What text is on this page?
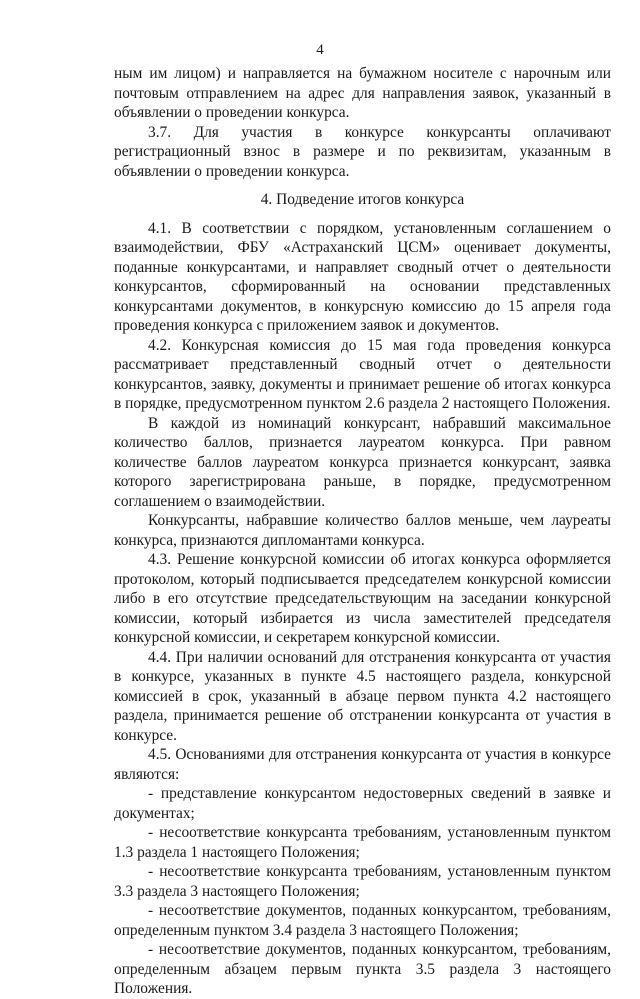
4

ным им лицом) и направляется на бумажном носителе с нарочным или почтовым отправлением на адрес для направления заявок, указанный в объявлении о проведении конкурса.

3.7. Для участия в конкурсе конкурсанты оплачивают регистрационный взнос в размере и по реквизитам, указанным в объявлении о проведении конкурса.

4. Подведение итогов конкурса

4.1. В соответствии с порядком, установленным соглашением о взаимодействии, ФБУ «Астраханский ЦСМ» оценивает документы, поданные конкурсантами, и направляет сводный отчет о деятельности конкурсантов, сформированный на основании представленных конкурсантами документов, в конкурсную комиссию до 15 апреля года проведения конкурса с приложением заявок и документов.

4.2. Конкурсная комиссия до 15 мая года проведения конкурса рассматривает представленный сводный отчет о деятельности конкурсантов, заявку, документы и принимает решение об итогах конкурса в порядке, предусмотренном пунктом 2.6 раздела 2 настоящего Положения.

В каждой из номинаций конкурсант, набравший максимальное количество баллов, признается лауреатом конкурса. При равном количестве баллов лауреатом конкурса признается конкурсант, заявка которого зарегистрирована раньше, в порядке, предусмотренном соглашением о взаимодействии.

Конкурсанты, набравшие количество баллов меньше, чем лауреаты конкурса, признаются дипломантами конкурса.

4.3. Решение конкурсной комиссии об итогах конкурса оформляется протоколом, который подписывается председателем конкурсной комиссии либо в его отсутствие председательствующим на заседании конкурсной комиссии, который избирается из числа заместителей председателя конкурсной комиссии, и секретарем конкурсной комиссии.

4.4. При наличии оснований для отстранения конкурсанта от участия в конкурсе, указанных в пункте 4.5 настоящего раздела, конкурсной комиссией в срок, указанный в абзаце первом пункта 4.2 настоящего раздела, принимается решение об отстранении конкурсанта от участия в конкурсе.

4.5. Основаниями для отстранения конкурсанта от участия в конкурсе являются:

- представление конкурсантом недостоверных сведений в заявке и документах;

- несоответствие конкурсанта требованиям, установленным пунктом 1.3 раздела 1 настоящего Положения;

- несоответствие конкурсанта требованиям, установленным пунктом 3.3 раздела 3 настоящего Положения;

- несоответствие документов, поданных конкурсантом, требованиям, определенным пунктом 3.4 раздела 3 настоящего Положения;

- несоответствие документов, поданных конкурсантом, требованиям, определенным абзацем первым пункта 3.5 раздела 3 настоящего Положения.
